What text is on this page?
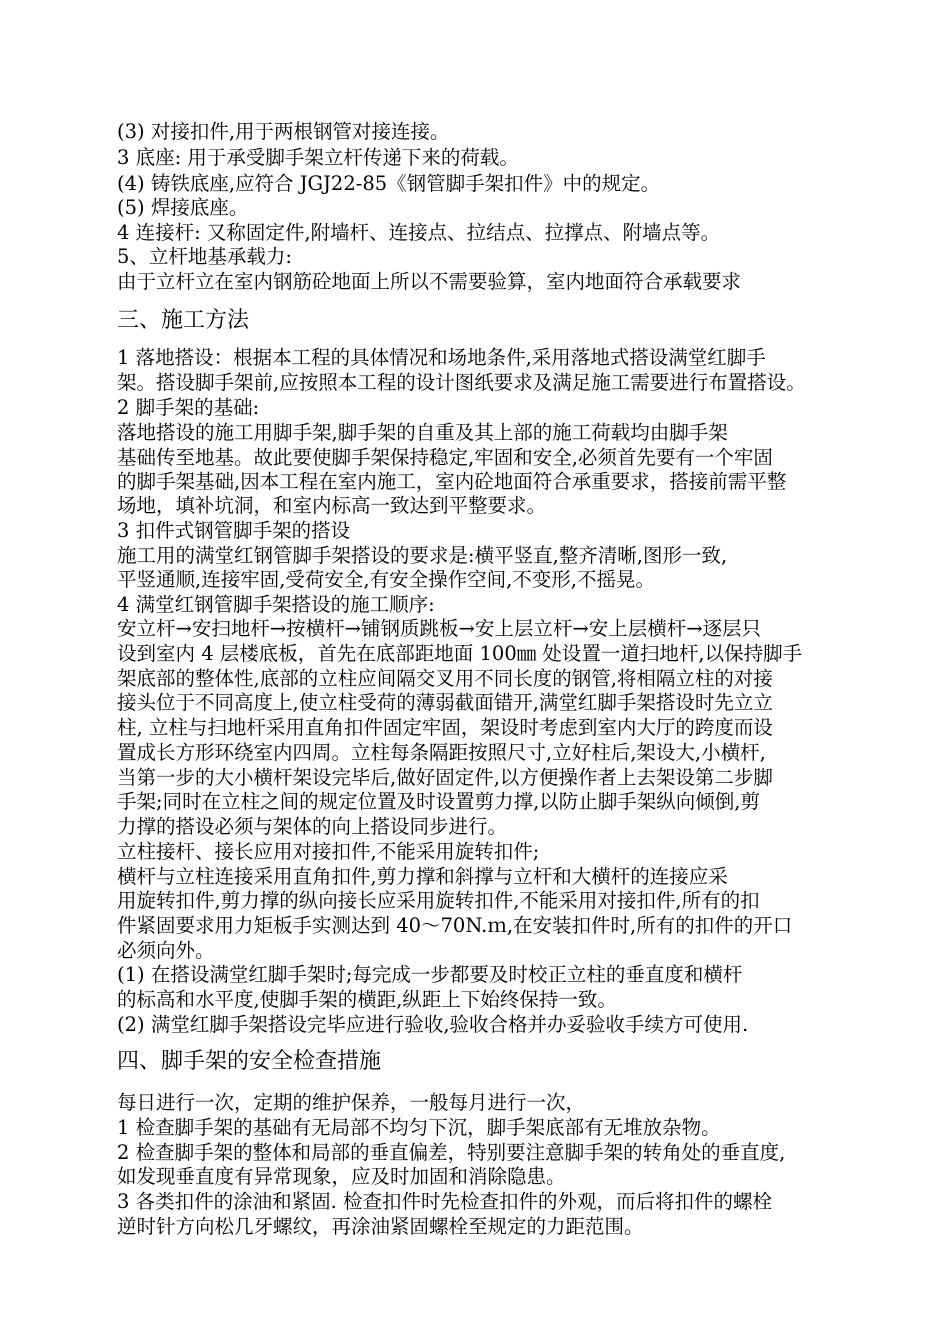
(3) 对接扣件,用于两根钢管对接连接。
3 底座: 用于承受脚手架立杆传递下来的荷载。
(4) 铸铁底座,应符合 JGJ22-85《钢管脚手架扣件》中的规定。
(5) 焊接底座。
4 连接杆: 又称固定件,附墙杆、连接点、拉结点、拉撑点、附墙点等。
5、立杆地基承载力:
由于立杆立在室内钢筋砼地面上所以不需要验算，室内地面符合承载要求
三、施工方法
1 落地搭设：根据本工程的具体情况和场地条件,采用落地式搭设满堂红脚手
架。搭设脚手架前,应按照本工程的设计图纸要求及满足施工需要进行布置搭设。
2 脚手架的基础:
落地搭设的施工用脚手架,脚手架的自重及其上部的施工荷载均由脚手架
基础传至地基。故此要使脚手架保持稳定,牢固和安全,必须首先要有一个牢固
的脚手架基础,因本工程在室内施工，室内砼地面符合承重要求，搭接前需平整
场地，填补坑洞，和室内标高一致达到平整要求。
3 扣件式钢管脚手架的搭设
施工用的满堂红钢管脚手架搭设的要求是:横平竖直,整齐清晰,图形一致,
平竖通顺,连接牢固,受荷安全,有安全操作空间,不变形,不摇晃。
4 满堂红钢管脚手架搭设的施工顺序:
安立杆→安扫地杆→按横杆→铺钢质跳板→安上层立杆→安上层横杆→逐层只
设到室内 4 层楼底板，首先在底部距地面 100㎜ 处设置一道扫地杆,以保持脚手
架底部的整体性,底部的立柱应间隔交叉用不同长度的钢管,将相隔立柱的对接
接头位于不同高度上,使立柱受荷的薄弱截面错开,满堂红脚手架搭设时先立立
柱, 立柱与扫地杆采用直角扣件固定牢固，架设时考虑到室内大厅的跨度而设
置成长方形环绕室内四周。立柱每条隔距按照尺寸,立好柱后,架设大,小横杆,
当第一步的大小横杆架设完毕后,做好固定件,以方便操作者上去架设第二步脚
手架;同时在立柱之间的规定位置及时设置剪力撑,以防止脚手架纵向倾倒,剪
力撑的搭设必须与架体的向上搭设同步进行。
立柱接杆、接长应用对接扣件,不能采用旋转扣件;
横杆与立柱连接采用直角扣件,剪力撑和斜撑与立杆和大横杆的连接应采
用旋转扣件,剪力撑的纵向接长应采用旋转扣件,不能采用对接扣件,所有的扣
件紧固要求用力矩板手实测达到 40～70N.ｍ,在安装扣件时,所有的扣件的开口
必须向外。
(1) 在搭设满堂红脚手架时;每完成一步都要及时校正立柱的垂直度和横杆
的标高和水平度,使脚手架的横距,纵距上下始终保持一致。
(2) 满堂红脚手架搭设完毕应进行验收,验收合格并办妥验收手续方可使用.
四、脚手架的安全检查措施
每日进行一次，定期的维护保养，一般每月进行一次，
1 检查脚手架的基础有无局部不均匀下沉，脚手架底部有无堆放杂物。
2 检查脚手架的整体和局部的垂直偏差，特别要注意脚手架的转角处的垂直度,
如发现垂直度有异常现象，应及时加固和消除隐患。
3 各类扣件的涂油和紧固. 检查扣件时先检查扣件的外观，而后将扣件的螺栓
逆时针方向松几牙螺纹，再涂油紧固螺栓至规定的力距范围。
